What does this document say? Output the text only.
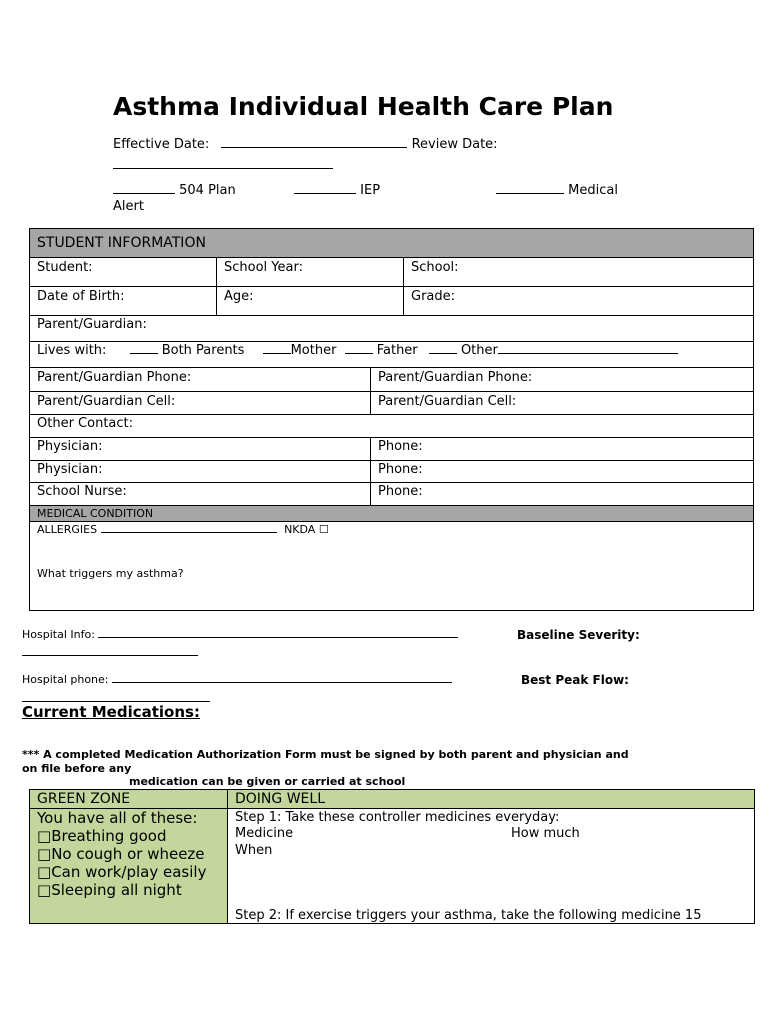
Asthma Individual Health Care Plan
Effective Date:	Review Date:
504 Plan	IEP	Medical
Alert
STUDENT INFORMATION
Student:	School Year:	School:
Date of Birth:	Age:	Grade:
Parent/Guardian:
Lives with:	Both Parents	Mother	Father	Other
Parent/Guardian Phone:	Parent/Guardian Phone:
Parent/Guardian Cell:	Parent/Guardian Cell:
Other Contact:
Physician:	Phone:
Physician:	Phone:
School Nurse:	Phone:
MEDICAL CONDITION
ALLERGIES	NKDA ☐
What triggers my asthma?
Hospital Info:	Baseline Severity:
Hospital phone:	Best Peak Flow:
Current Medications:
*** A completed Medication Authorization Form must be signed by both parent and physician and
on file before any
medication can be given or carried at school
GREEN ZONE	DOING WELL
You have all of these:
□Breathing good
□No cough or wheeze
□Can work/play easily
□Sleeping all night
Step 1: Take these controller medicines everyday:
Medicine	How much
When
Step 2: If exercise triggers your asthma, take the following medicine 15
